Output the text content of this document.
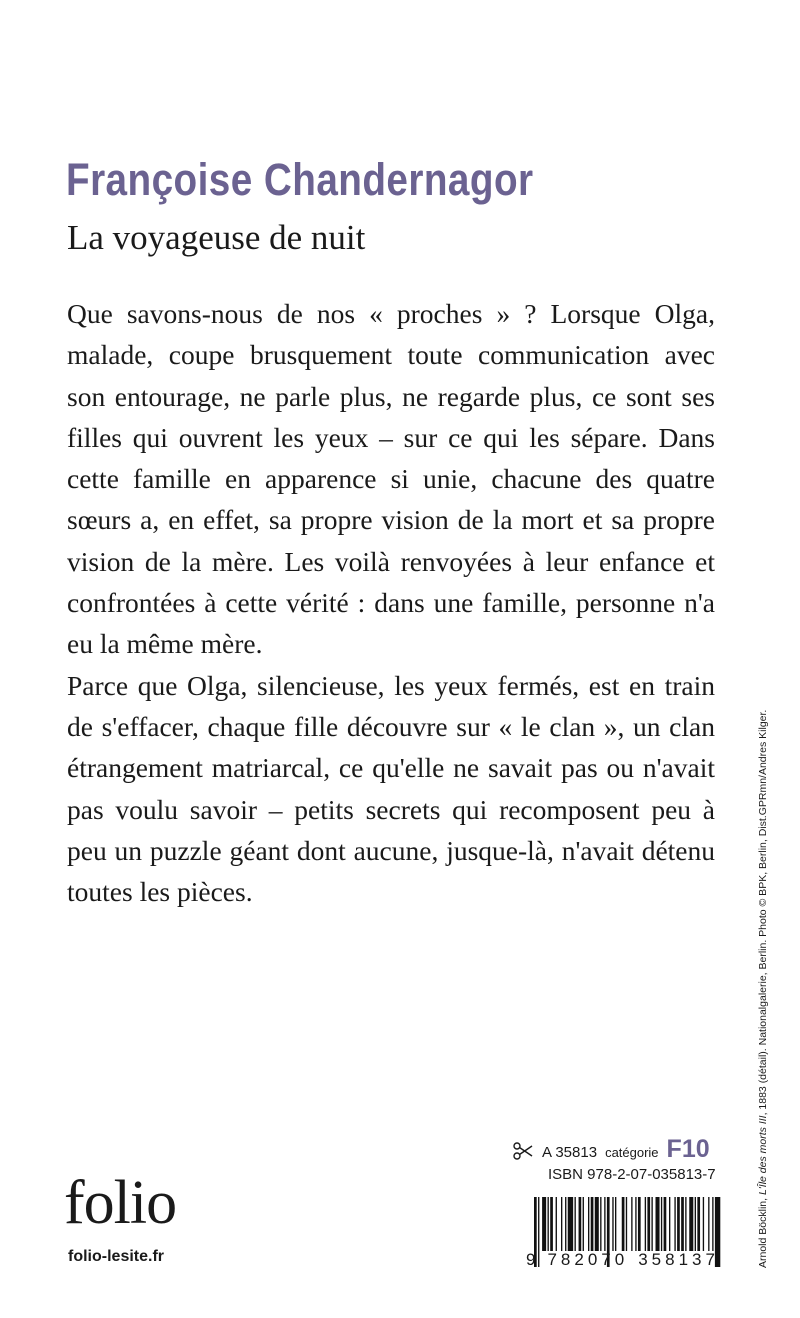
Françoise Chandernagor
La voyageuse de nuit

Que savons-nous de nos « proches » ? Lorsque Olga, malade, coupe brusquement toute communication avec son entourage, ne parle plus, ne regarde plus, ce sont ses filles qui ouvrent les yeux – sur ce qui les sépare. Dans cette famille en apparence si unie, chacune des quatre sœurs a, en effet, sa propre vision de la mort et sa propre vision de la mère. Les voilà renvoyées à leur enfance et confrontées à cette vérité : dans une famille, personne n'a eu la même mère.

Parce que Olga, silencieuse, les yeux fermés, est en train de s'effacer, chaque fille découvre sur « le clan », un clan étrangement matriarcal, ce qu'elle ne savait pas ou n'avait pas voulu savoir – petits secrets qui recomposent peu à peu un puzzle géant dont aucune, jusque-là, n'avait détenu toutes les pièces.

Arnold Böcklin, L'Île des morts III, 1883 (détail). Nationalgalerie, Berlin. Photo © BPK, Berlin, Dist.GPRmn/Andres Kilger.
A 35813 catégorie F10
ISBN 978-2-07-035813-7
9 782070 358137
folio
folio-lesite.fr
